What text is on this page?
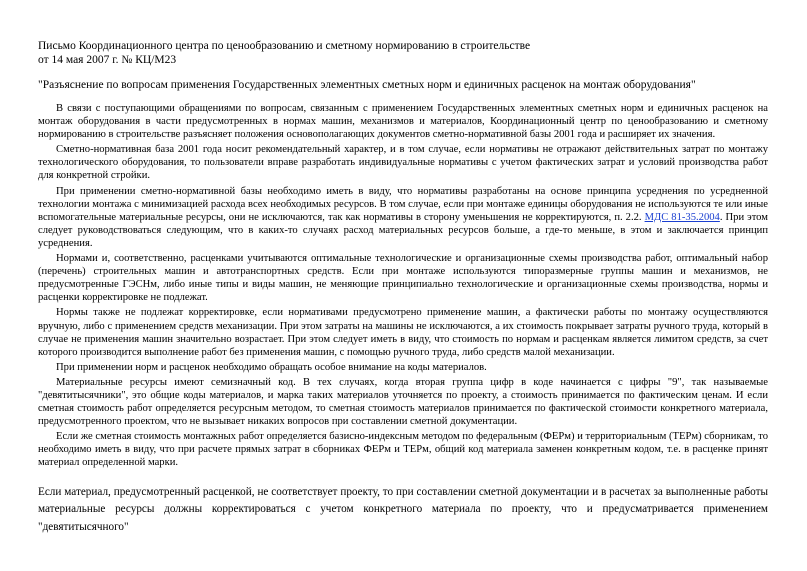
Письмо Координационного центра по ценообразованию и сметному нормированию в строительстве

от 14 мая 2007 г. № КЦ/М23

"Разъяснение по вопросам применения Государственных элементных сметных норм и единичных расценок на монтаж оборудования"

В связи с поступающими обращениями по вопросам, связанным с применением Государственных элементных сметных норм и единичных расценок на монтаж оборудования в части предусмотренных в нормах машин, механизмов и материалов, Координационный центр по ценообразованию и сметному нормированию в строительстве разъясняет положения основополагающих документов сметно-нормативной базы 2001 года и расширяет их значения.

Сметно-нормативная база 2001 года носит рекомендательный характер, и в том случае, если нормативы не отражают действительных затрат по монтажу технологического оборудования, то пользователи вправе разработать индивидуальные нормативы с учетом фактических затрат и условий производства работ для конкретной стройки.

При применении сметно-нормативной базы необходимо иметь в виду, что нормативы разработаны на основе принципа усреднения по усредненной технологии монтажа с минимизацией расхода всех необходимых ресурсов. В том случае, если при монтаже единицы оборудования не используются те или иные вспомогательные материальные ресурсы, они не исключаются, так как нормативы в сторону уменьшения не корректируются, п. 2.2. МДС 81-35.2004. При этом следует руководствоваться следующим, что в каких-то случаях расход материальных ресурсов больше, а где-то меньше, в этом и заключается принцип усреднения.

Нормами и, соответственно, расценками учитываются оптимальные технологические и организационные схемы производства работ, оптимальный набор (перечень) строительных машин и автотранспортных средств. Если при монтаже используются типоразмерные группы машин и механизмов, не предусмотренные ГЭСНм, либо иные типы и виды машин, не меняющие принципиально технологические и организационные схемы производства, нормы и расценки корректировке не подлежат.

Нормы также не подлежат корректировке, если нормативами предусмотрено применение машин, а фактически работы по монтажу осуществляются вручную, либо с применением средств механизации. При этом затраты на машины не исключаются, а их стоимость покрывает затраты ручного труда, который в случае не применения машин значительно возрастает. При этом следует иметь в виду, что стоимость по нормам и расценкам является лимитом средств, за счет которого производится выполнение работ без применения машин, с помощью ручного труда, либо средств малой механизации.

При применении норм и расценок необходимо обращать особое внимание на коды материалов.

Материальные ресурсы имеют семизначный код. В тех случаях, когда вторая группа цифр в коде начинается с цифры "9", так называемые "девятитысячники", это общие коды материалов, и марка таких материалов уточняется по проекту, а стоимость принимается по фактическим ценам. И если сметная стоимость работ определяется ресурсным методом, то сметная стоимость материалов принимается по фактической стоимости конкретного материала, предусмотренного проектом, что не вызывает никаких вопросов при составлении сметной документации.

Если же сметная стоимость монтажных работ определяется базисно-индексным методом по федеральным (ФЕРм) и территориальным (ТЕРм) сборникам, то необходимо иметь в виду, что при расчете прямых затрат в сборниках ФЕРм и ТЕРм, общий код материала заменен конкретным кодом, т.е. в расценке принят материал определенной марки.

Если материал, предусмотренный расценкой, не соответствует проекту, то при составлении сметной документации и в расчетах за выполненные работы материальные ресурсы должны корректироваться с учетом конкретного материала по проекту, что и предусматривается применением "девятитысячного"
